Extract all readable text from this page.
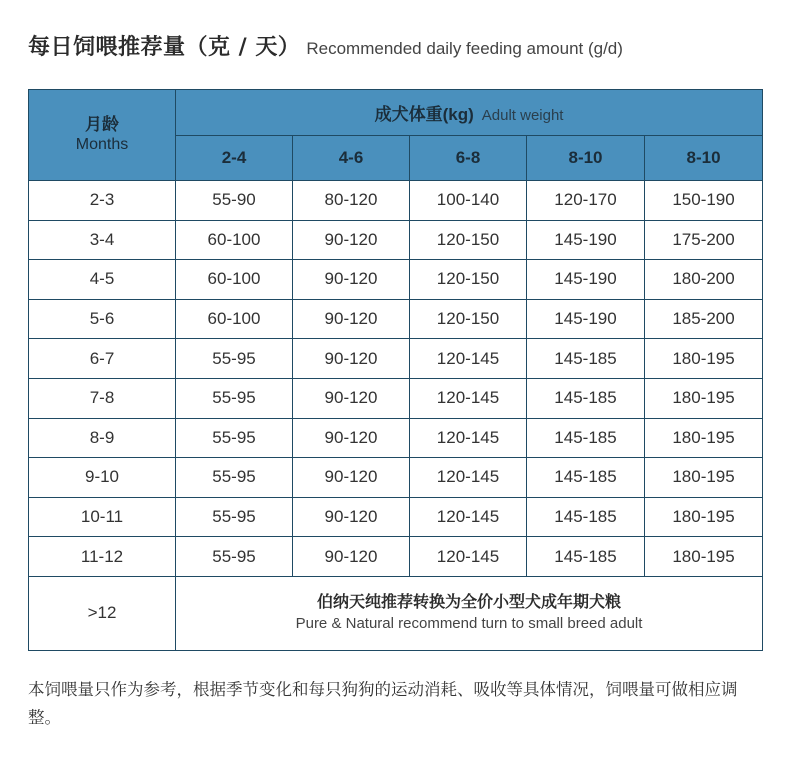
每日饲喂推荐量（克 / 天） Recommended daily feeding amount (g/d)
月龄
Months	成犬体重(kg) Adult weight				
	2-4	4-6	6-8	8-10	8-10
2-3	55-90	80-120	100-140	120-170	150-190
3-4	60-100	90-120	120-150	145-190	175-200
4-5	60-100	90-120	120-150	145-190	180-200
5-6	60-100	90-120	120-150	145-190	185-200
6-7	55-95	90-120	120-145	145-185	180-195
7-8	55-95	90-120	120-145	145-185	180-195
8-9	55-95	90-120	120-145	145-185	180-195
9-10	55-95	90-120	120-145	145-185	180-195
10-11	55-95	90-120	120-145	145-185	180-195
11-12	55-95	90-120	120-145	145-185	180-195
>12	伯纳天纯推荐转换为全价小型犬成年期犬粮
Pure & Natural recommend turn to small breed adult				
本饲喂量只作为参考，根据季节变化和每只狗狗的运动消耗、吸收等具体情况，饲喂量可做相应调整。
